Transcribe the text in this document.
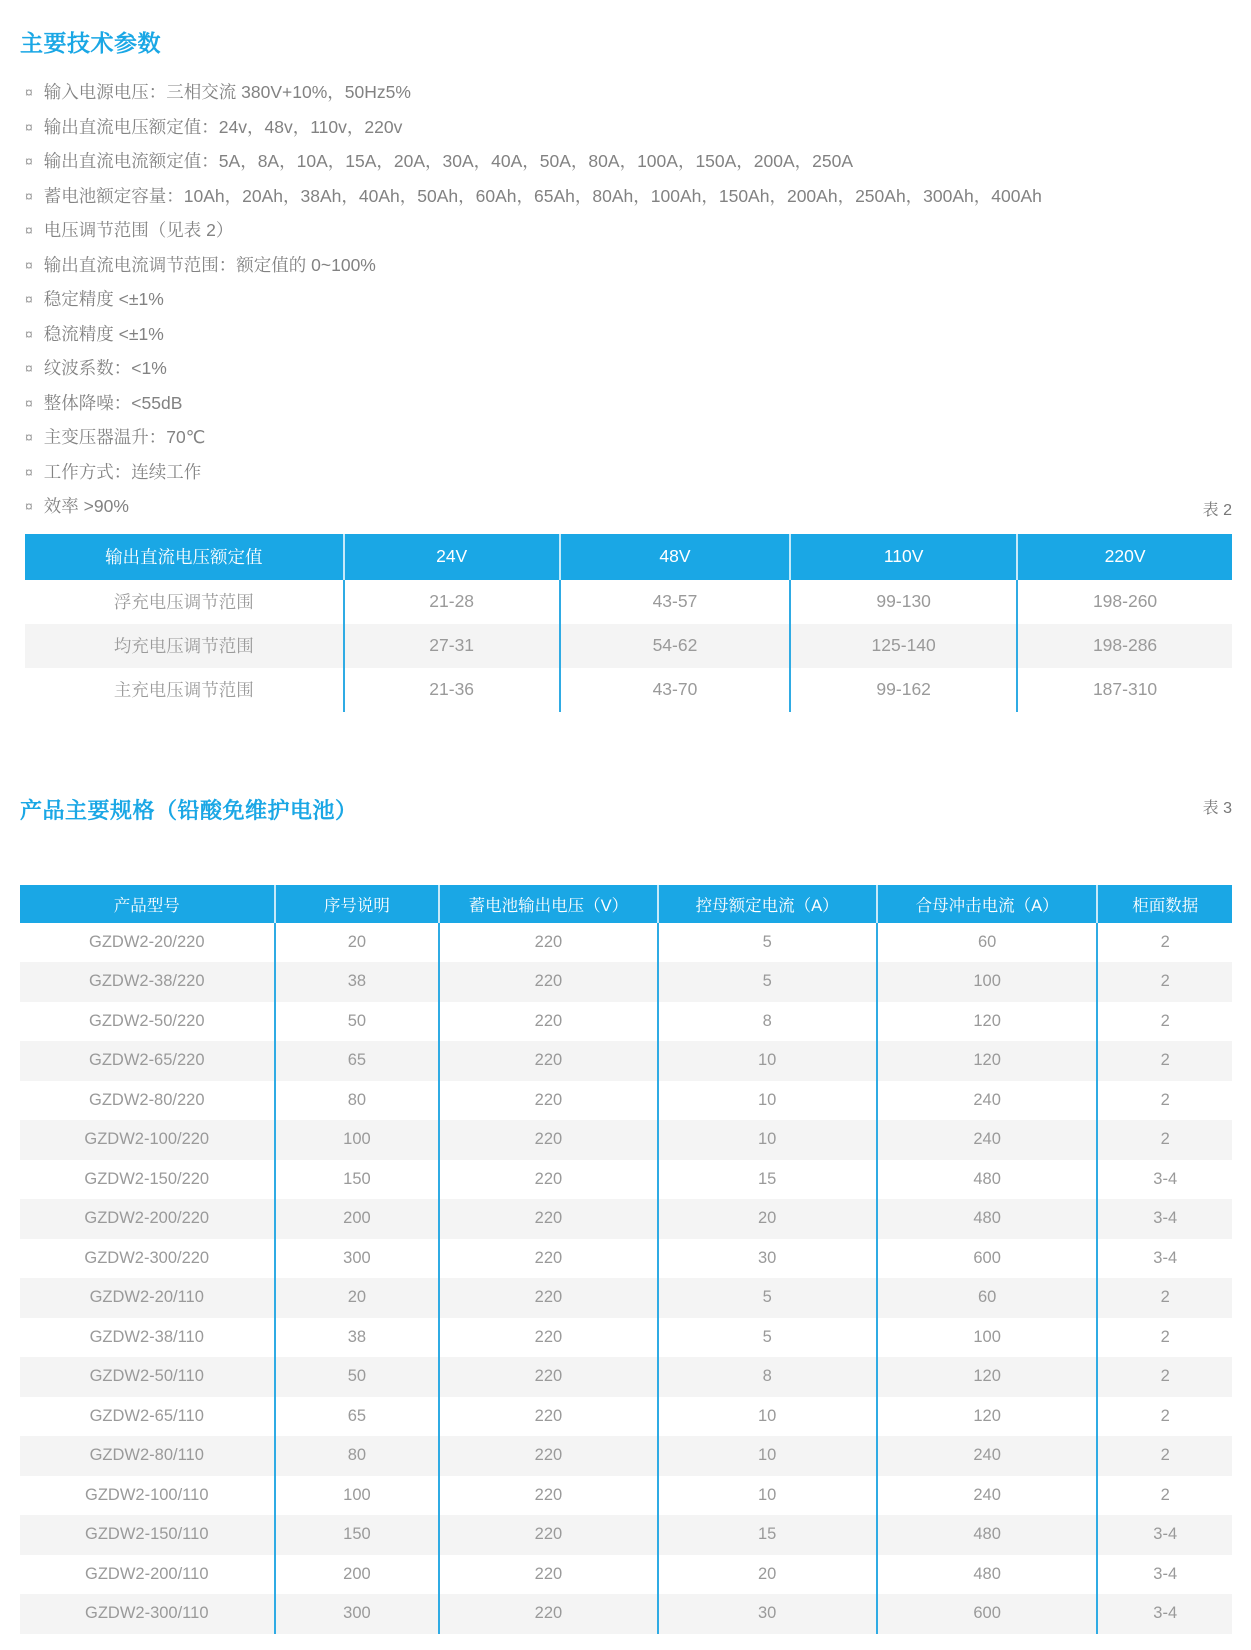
主要技术参数
¤ 输入电源电压：三相交流 380V+10%，50Hz5%
¤ 输出直流电压额定值：24v，48v，110v，220v
¤ 输出直流电流额定值：5A，8A，10A，15A，20A，30A，40A，50A，80A，100A，150A，200A，250A
¤ 蓄电池额定容量：10Ah，20Ah，38Ah，40Ah，50Ah，60Ah，65Ah，80Ah，100Ah，150Ah，200Ah，250Ah，300Ah，400Ah
¤ 电压调节范围（见表 2）
¤ 输出直流电流调节范围：额定值的 0~100%
¤ 稳定精度 <±1%
¤ 稳流精度 <±1%
¤ 纹波系数：<1%
¤ 整体降噪：<55dB
¤ 主变压器温升：70℃
¤ 工作方式：连续工作
¤ 效率 >90%	表 2
输出直流电压额定值	24V	48V	110V	220V
浮充电压调节范围	21-28	43-57	99-130	198-260
均充电压调节范围	27-31	54-62	125-140	198-286
主充电压调节范围	21-36	43-70	99-162	187-310
产品主要规格（铅酸免维护电池）	表 3
产品型号	序号说明	蓄电池输出电压（V）	控母额定电流（A）	合母冲击电流（A）	柜面数据
GZDW2-20/220	20	220	5	60	2
GZDW2-38/220	38	220	5	100	2
GZDW2-50/220	50	220	8	120	2
GZDW2-65/220	65	220	10	120	2
GZDW2-80/220	80	220	10	240	2
GZDW2-100/220	100	220	10	240	2
GZDW2-150/220	150	220	15	480	3-4
GZDW2-200/220	200	220	20	480	3-4
GZDW2-300/220	300	220	30	600	3-4
GZDW2-20/110	20	220	5	60	2
GZDW2-38/110	38	220	5	100	2
GZDW2-50/110	50	220	8	120	2
GZDW2-65/110	65	220	10	120	2
GZDW2-80/110	80	220	10	240	2
GZDW2-100/110	100	220	10	240	2
GZDW2-150/110	150	220	15	480	3-4
GZDW2-200/110	200	220	20	480	3-4
GZDW2-300/110	300	220	30	600	3-4
